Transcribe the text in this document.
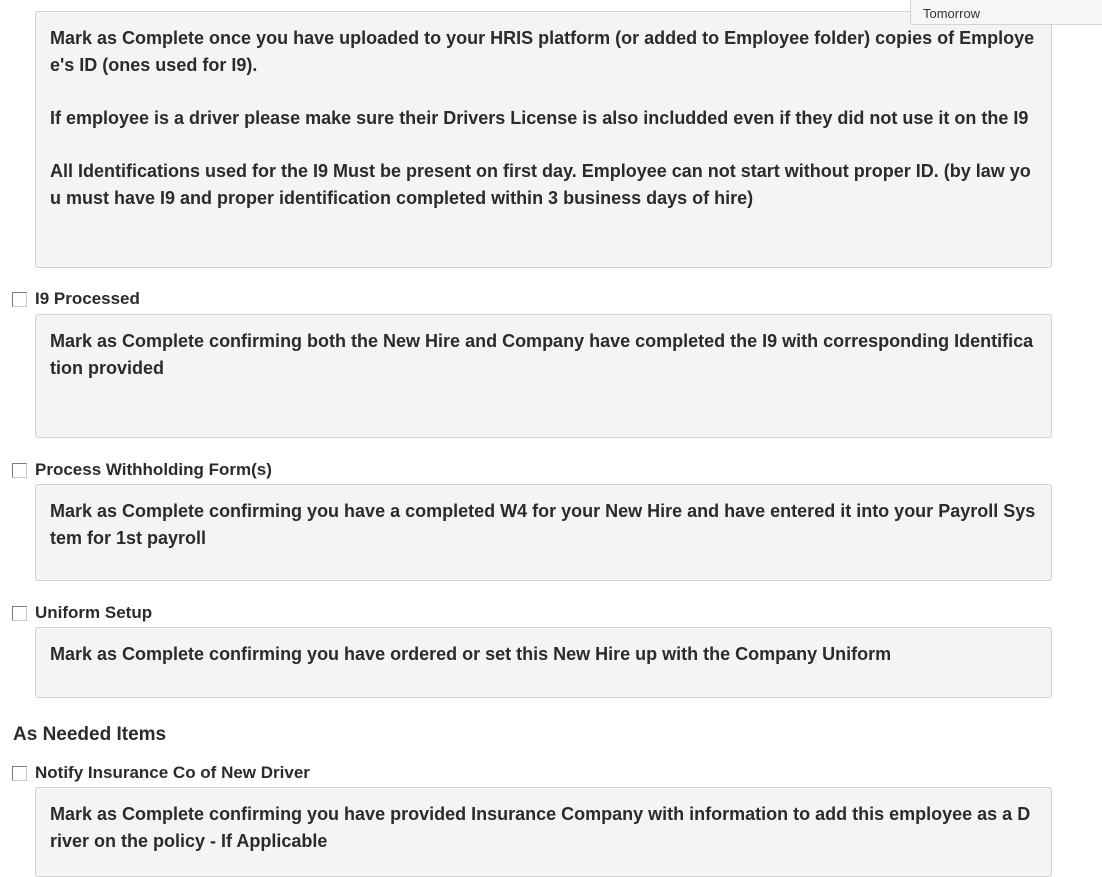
Mark as Complete once you have uploaded to your HRIS platform (or added to Employee folder) copies of Employee's ID (ones used for I9).

If employee is a driver please make sure their Drivers License is also includded even if they did not use it on the I9

All Identifications used for the I9 Must be present on first day. Employee can not start without proper ID. (by law you must have I9 and proper identification completed within 3 business days of hire)

Tomorrow
I9 Processed

Mark as Complete confirming both the New Hire and Company have completed the I9 with corresponding Identification provided

Process Withholding Form(s)

Mark as Complete confirming you have a completed W4 for your New Hire and have entered it into your Payroll System for 1st payroll

Uniform Setup

Mark as Complete confirming you have ordered or set this New Hire up with the Company Uniform

As Needed Items
Notify Insurance Co of New Driver

Mark as Complete confirming you have provided Insurance Company with information to add this employee as a Driver on the policy - If Applicable
